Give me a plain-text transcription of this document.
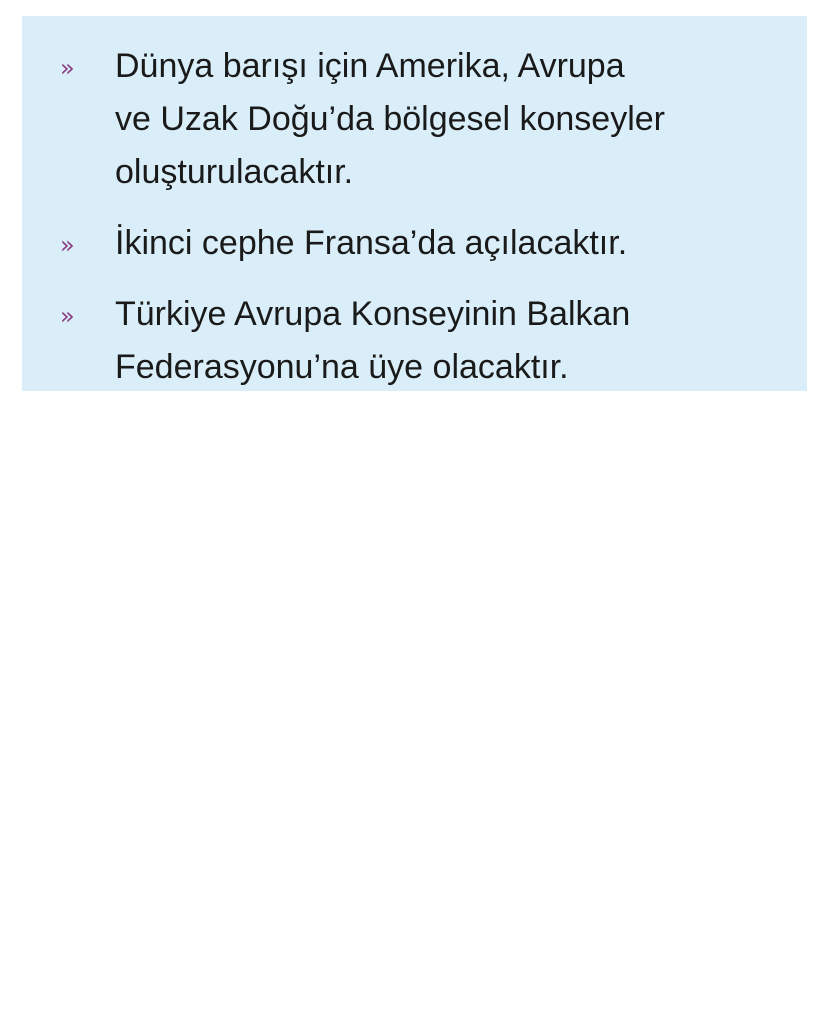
» Dünya barışı için Amerika, Avrupa
ve Uzak Doğu’da bölgesel konseyler
oluşturulacaktır.
» İkinci cephe Fransa’da açılacaktır.
» Türkiye Avrupa Konseyinin Balkan
Federasyonu’na üye olacaktır.
